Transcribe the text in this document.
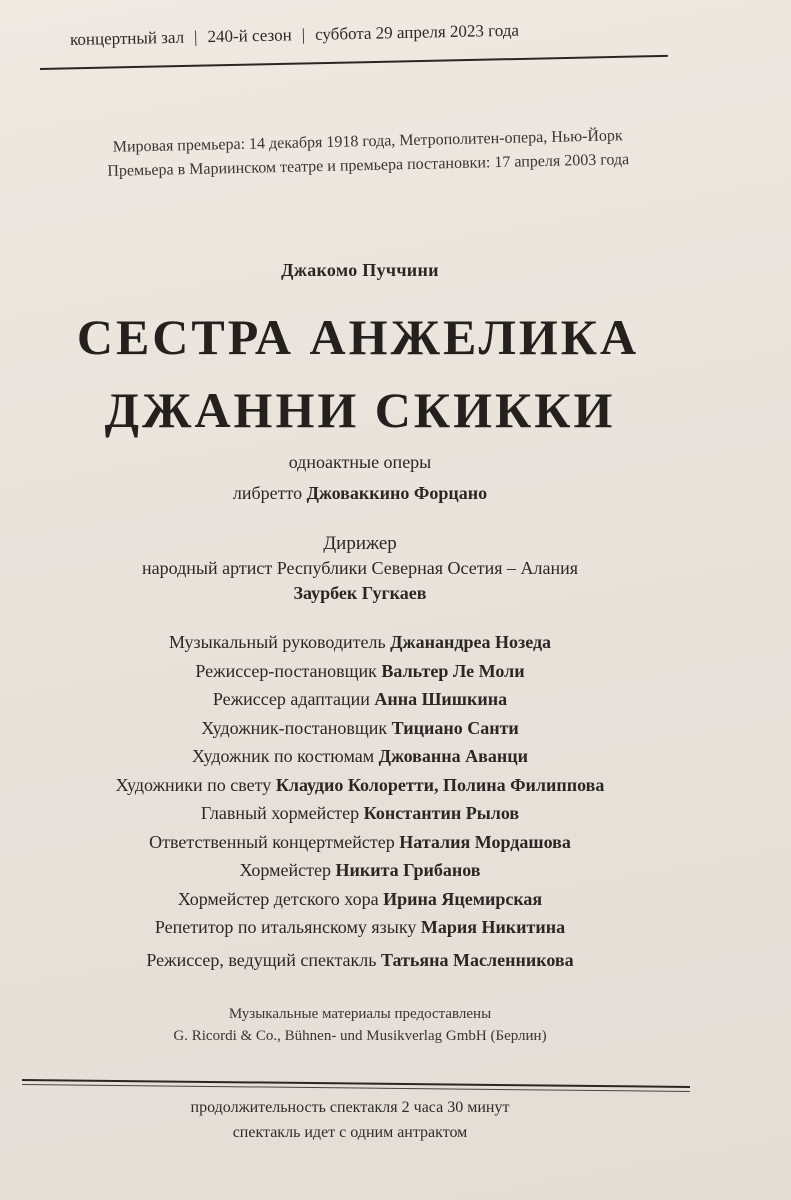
концертный зал | 240-й сезон | суббота 29 апреля 2023 года
Мировая премьера: 14 декабря 1918 года, Метрополитен-опера, Нью-Йорк
Премьера в Мариинском театре и премьера постановки: 17 апреля 2003 года
Джакомо Пуччини
СЕСТРА АНЖЕЛИКА
ДЖАННИ СКИККИ
одноактные оперы
либретто Джоваккино Форцано
Дирижер
народный артист Республики Северная Осетия – Алания
Заурбек Гугкаев
Музыкальный руководитель Джанандреа Нозеда
Режиссер-постановщик Вальтер Ле Моли
Режиссер адаптации Анна Шишкина
Художник-постановщик Тициано Санти
Художник по костюмам Джованна Аванци
Художники по свету Клаудио Колоретти, Полина Филиппова
Главный хормейстер Константин Рылов
Ответственный концертмейстер Наталия Мордашова
Хормейстер Никита Грибанов
Хормейстер детского хора Ирина Яцемирская
Репетитор по итальянскому языку Мария Никитина
Режиссер, ведущий спектакль Татьяна Масленникова
Музыкальные материалы предоставлены
G. Ricordi & Co., Bühnen- und Musikverlag GmbH (Берлин)
продолжительность спектакля 2 часа 30 минут
спектакль идет с одним антрактом
